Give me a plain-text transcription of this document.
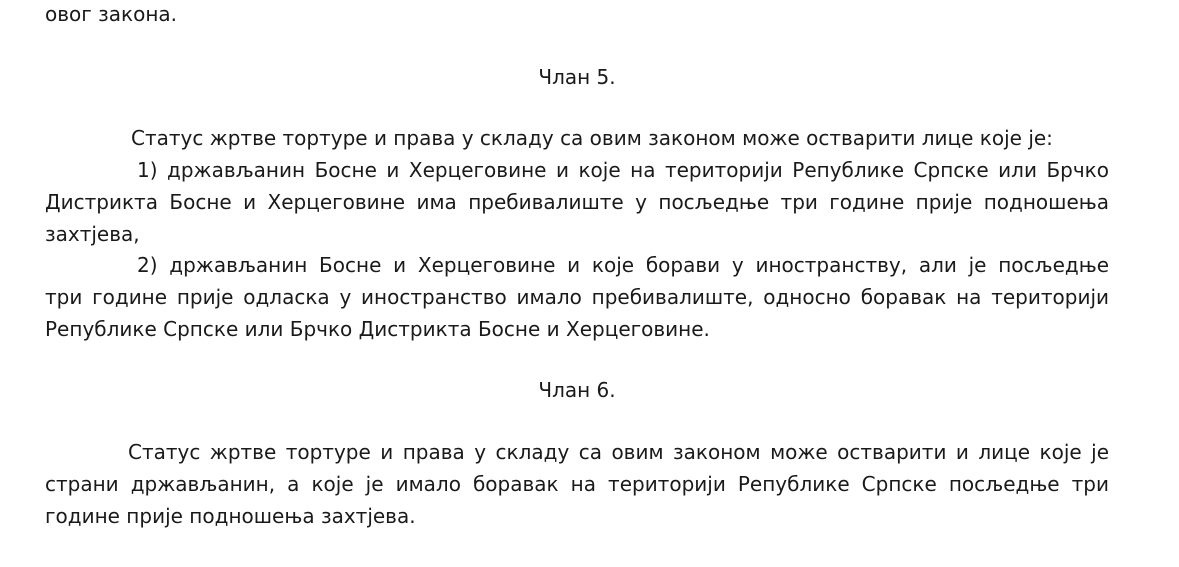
овог закона.
Члан 5.
Статус жртве тортуре и права у складу са овим законом може остварити лице које је:
1) држављанин Босне и Херцеговине и које на територији Републике Српске или Брчко
Дистрикта Босне и Херцеговине има пребивалиште у посљедње три године прије подношења
захтјева,
2) држављанин Босне и Херцеговине и које борави у иностранству, али је посљедње
три године прије одласка у иностранство имало пребивалиште, односно боравак на територији
Републике Српске или Брчко Дистрикта Босне и Херцеговине.
Члан 6.
Статус жртве тортуре и права у складу са овим законом може остварити и лице које је
страни држављанин, а које је имало боравак на територији Републике Српске посљедње три
године прије подношења захтјева.
